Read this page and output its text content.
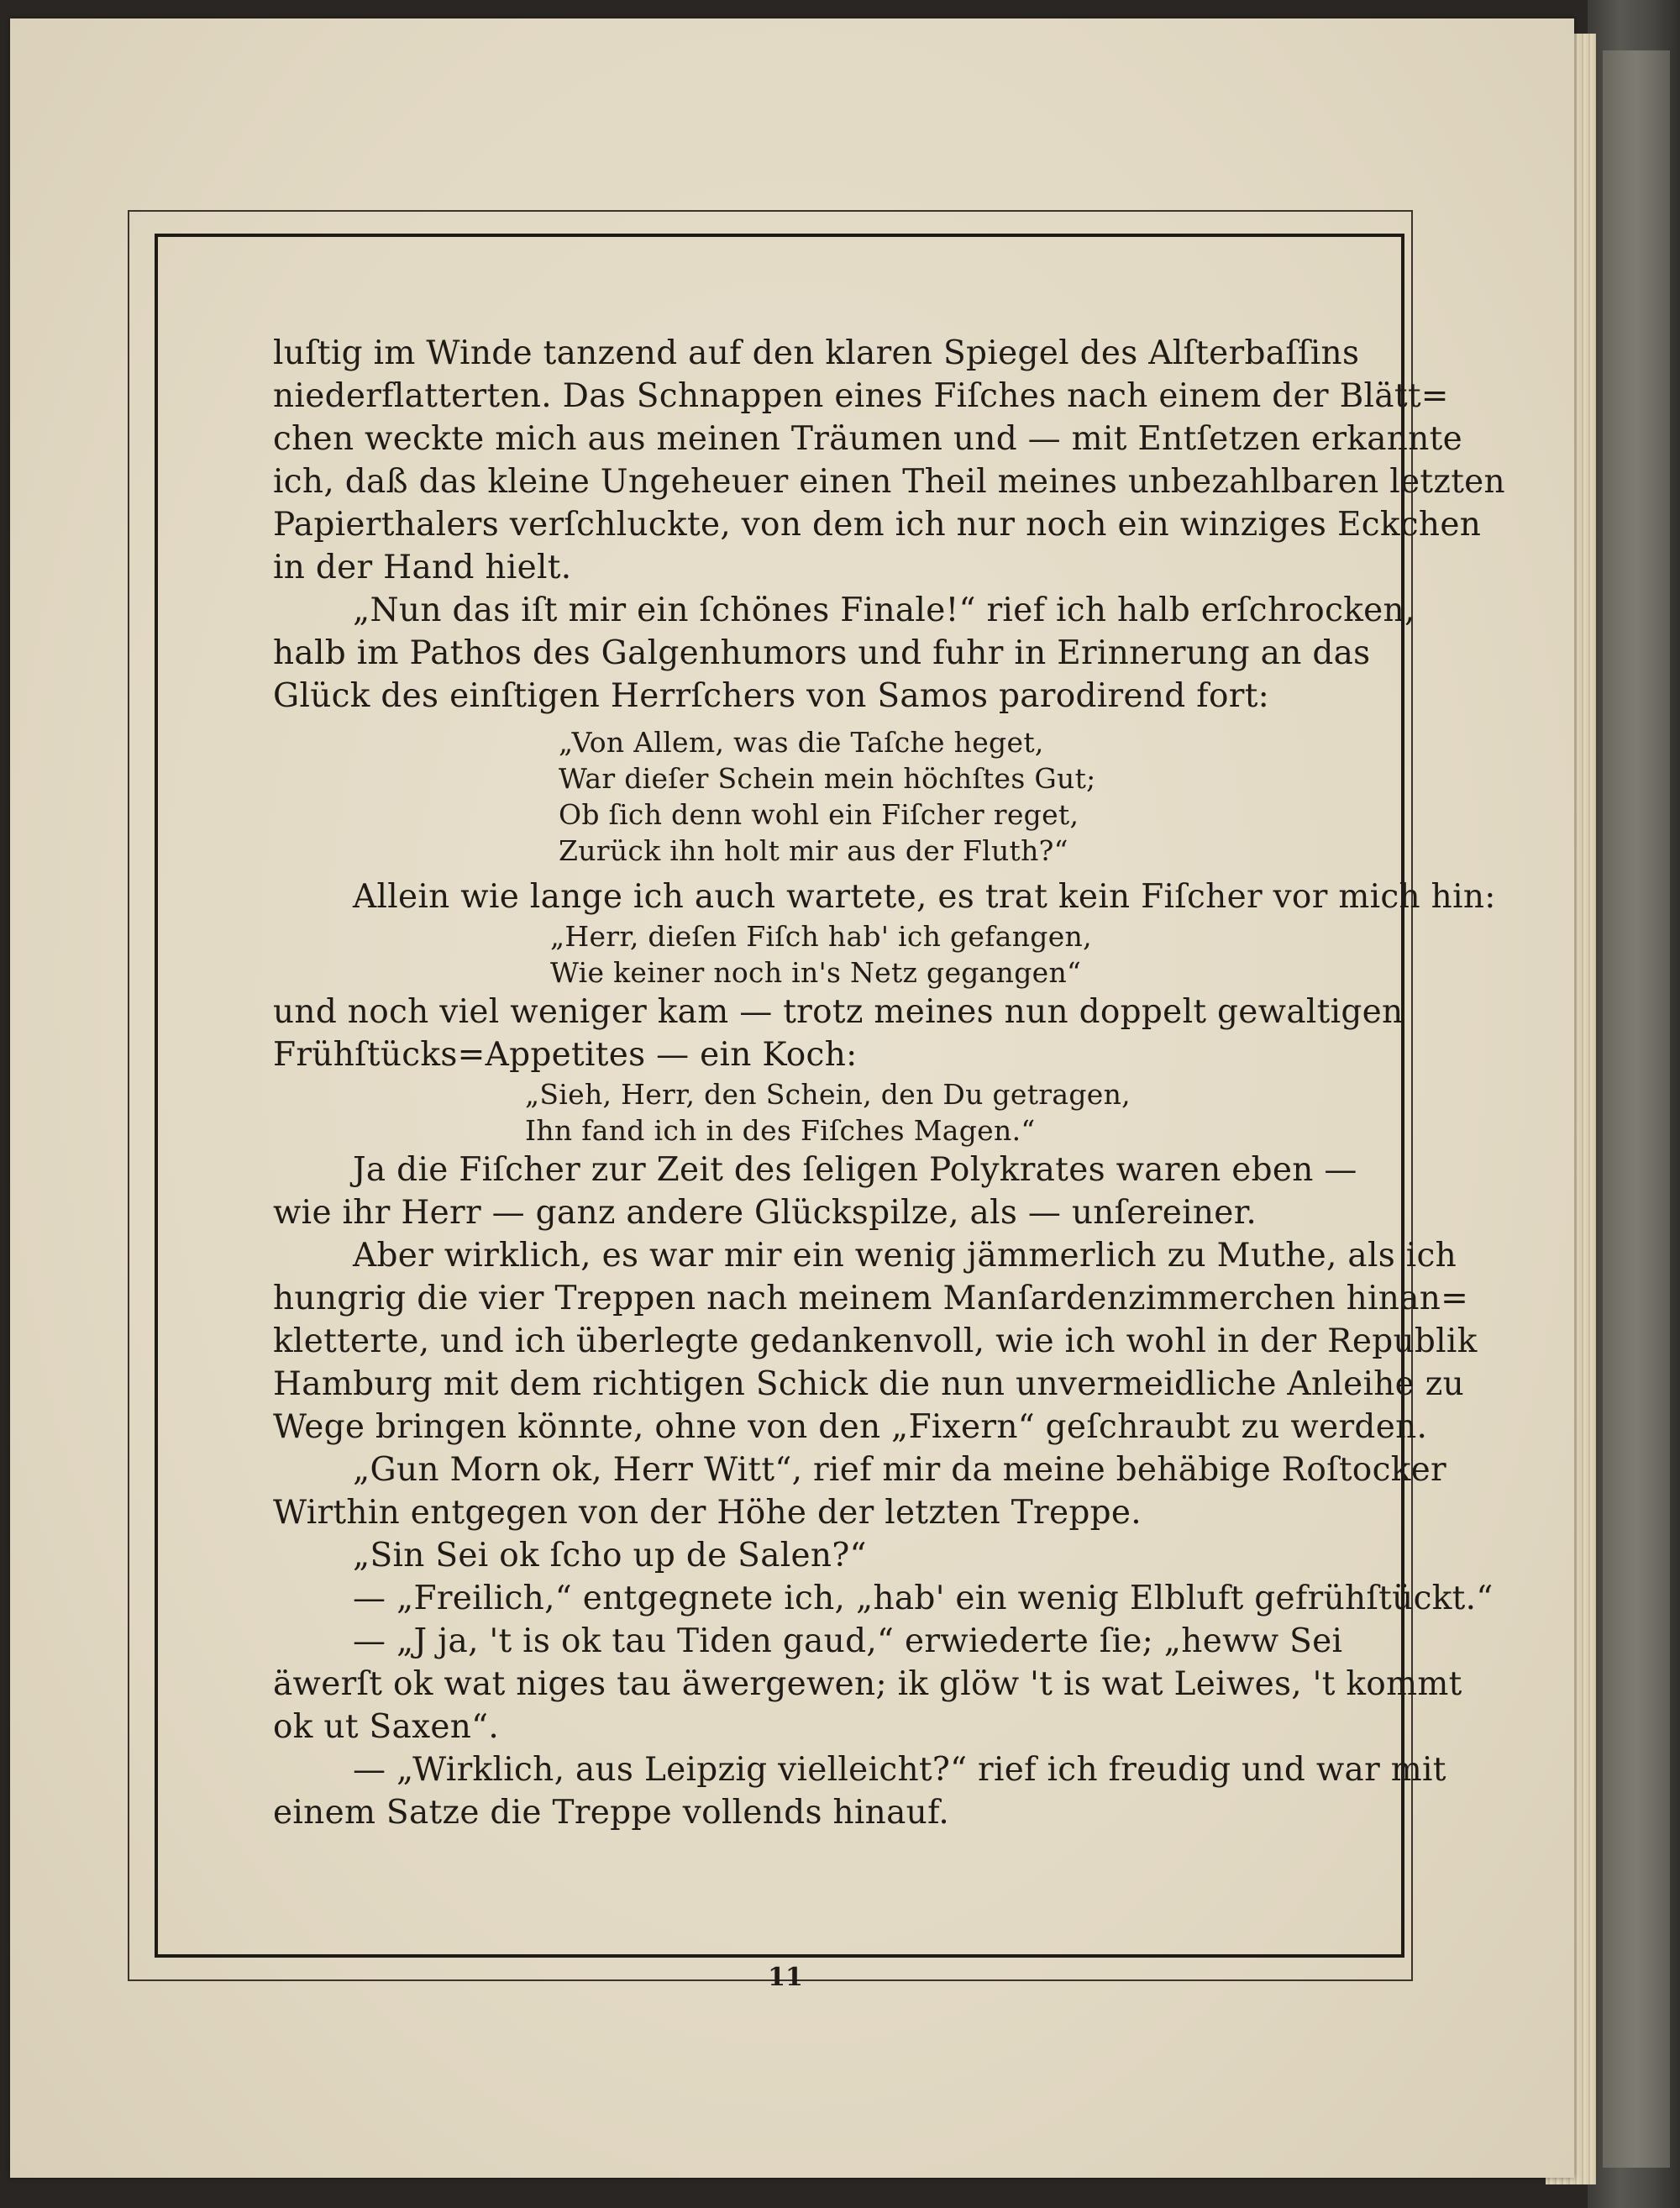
luſtig im Winde tanzend auf den klaren Spiegel des Alſterbaſſins
niederflatterten. Das Schnappen eines Fiſches nach einem der Blätt=
chen weckte mich aus meinen Träumen und — mit Entſetzen erkannte
ich, daß das kleine Ungeheuer einen Theil meines unbezahlbaren letzten
Papierthalers verſchluckte, von dem ich nur noch ein winziges Eckchen
in der Hand hielt.
„Nun das iſt mir ein ſchönes Finale!“ rief ich halb erſchrocken,
halb im Pathos des Galgenhumors und fuhr in Erinnerung an das
Glück des einſtigen Herrſchers von Samos parodirend fort:
„Von Allem, was die Taſche heget,
War dieſer Schein mein höchſtes Gut;
Ob ſich denn wohl ein Fiſcher reget,
Zurück ihn holt mir aus der Fluth?“
Allein wie lange ich auch wartete, es trat kein Fiſcher vor mich hin:
„Herr, dieſen Fiſch hab' ich gefangen,
Wie keiner noch in's Netz gegangen“
und noch viel weniger kam — trotz meines nun doppelt gewaltigen
Frühſtücks=Appetites — ein Koch:
„Sieh, Herr, den Schein, den Du getragen,
Ihn fand ich in des Fiſches Magen.“
Ja die Fiſcher zur Zeit des ſeligen Polykrates waren eben —
wie ihr Herr — ganz andere Glückspilze, als — unſereiner.
Aber wirklich, es war mir ein wenig jämmerlich zu Muthe, als ich
hungrig die vier Treppen nach meinem Manſardenzimmerchen hinan=
kletterte, und ich überlegte gedankenvoll, wie ich wohl in der Republik
Hamburg mit dem richtigen Schick die nun unvermeidliche Anleihe zu
Wege bringen könnte, ohne von den „Fixern“ geſchraubt zu werden.
„Gun Morn ok, Herr Witt“, rief mir da meine behäbige Roſtocker
Wirthin entgegen von der Höhe der letzten Treppe.
„Sin Sei ok ſcho up de Salen?“
— „Freilich,“ entgegnete ich, „hab' ein wenig Elbluft gefrühſtückt.“
— „J ja, 't is ok tau Tiden gaud,“ erwiederte ſie; „heww Sei
äwerſt ok wat niges tau äwergewen; ik glöw 't is wat Leiwes, 't kommt
ok ut Saxen“.
— „Wirklich, aus Leipzig vielleicht?“ rief ich freudig und war mit
einem Satze die Treppe vollends hinauf.
11
